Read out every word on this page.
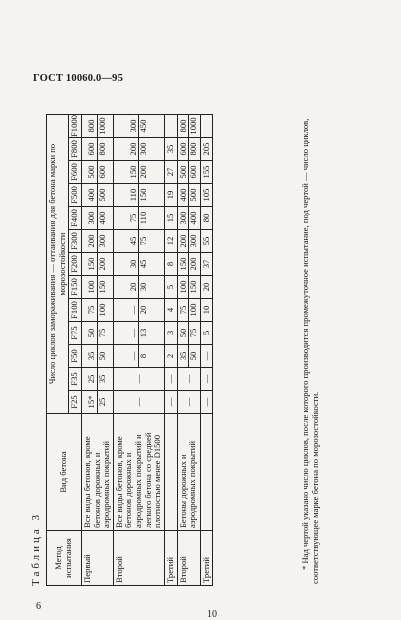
ГОСТ 10060.0—95
Таблица 3 Метод испытания	Вид бетона	Число циклов замораживания — оттаивания для бетона марки по морозостойкости												
		F25	F35	F50	F75	F100	F150	F200	F300	F400	F500	F600	F800	F1000
Первый	Все виды бетонов, кроме бетонов дорожных и аэродромных покрытий	15* 25	25 35	35 50	50 75	75 100	100 150	150 200	200 300	300 400	400 500	500 600	600 800	800 1000

Второй	Все виды бетонов, кроме бетонов дорожных и аэродромных покрытий и легкого бетона со средней плотностью менее D1500	—	—	— 8	— 13	— 20	20 30	30 45	45 75	75 110	110 150	150 200	200 300	300 450

Третий		—	—	2	3	4	5	8	12	15	19	27	35	
Второй	Бетоны дорожных и аэродромных покрытий	—	—	35 50	50 75	75 100	100 150	150 200	200 300	300 400	400 500	500 600	600 800	800 1000

Третий		—	—	—	5	10	20	37	55	80	105	155	205		* Над чертой указано число циклов, после которого производится промежуточное испытание, под чертой — число циклов, соответствующее марке бетона по морозостойкости.
6
10
